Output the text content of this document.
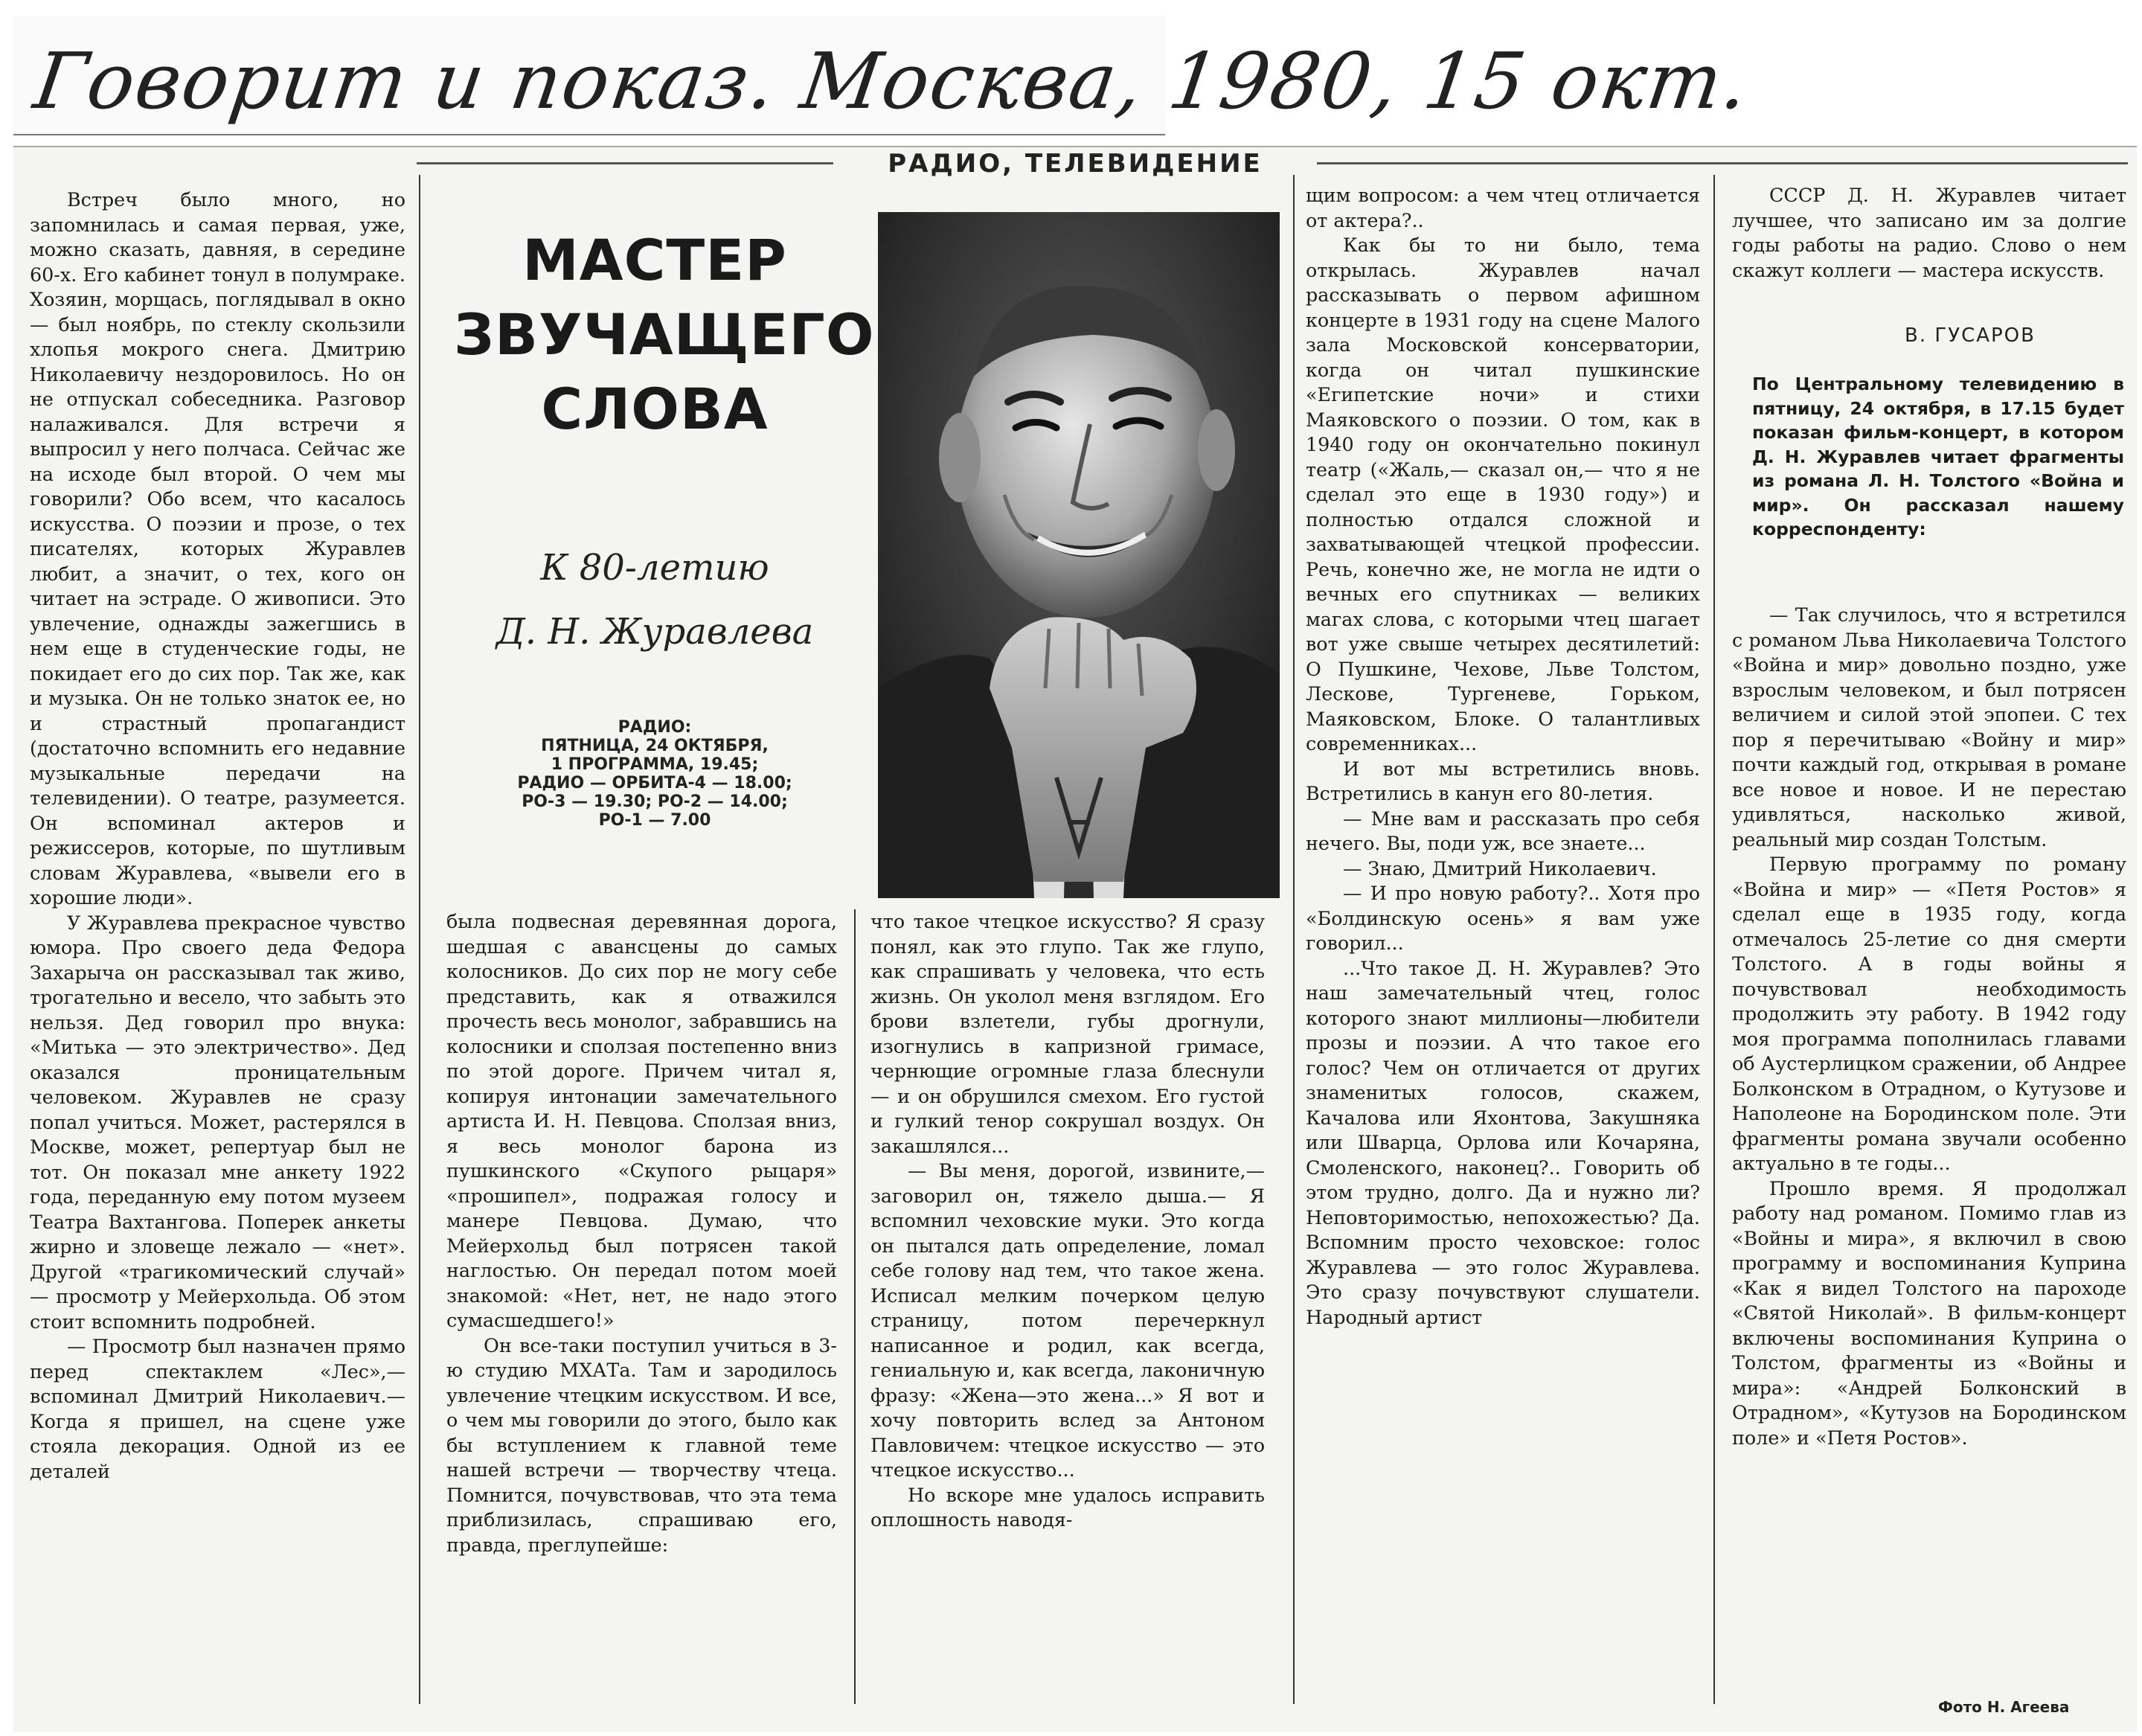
Говорит и показ. Москва, 1980, 15 окт.
РАДИО, ТЕЛЕВИДЕНИЕ
МАСТЕР
ЗВУЧАЩЕГО
СЛОВА
К 80-летию
Д. Н. Журавлева
РАДИО:
ПЯТНИЦА, 24 ОКТЯБРЯ,
1 ПРОГРАММА, 19.45;
РАДИО — ОРБИТА-4 — 18.00;
РО-3 — 19.30; РО-2 — 14.00;
РО-1 — 7.00

Встреч было много, но запомнилась и самая первая, уже, можно сказать, давняя, в середине 60-х. Его кабинет тонул в полумраке. Хозяин, морщась, поглядывал в окно — был ноябрь, по стеклу скользили хлопья мокрого снега. Дмитрию Николаевичу нездоровилось. Но он не отпускал собеседника. Разговор налаживался. Для встречи я выпросил у него полчаса. Сейчас же на исходе был второй. О чем мы говорили? Обо всем, что касалось искусства. О поэзии и прозе, о тех писателях, которых Журавлев любит, а значит, о тех, кого он читает на эстраде. О живописи. Это увлечение, однажды зажегшись в нем еще в студенческие годы, не покидает его до сих пор. Так же, как и музыка. Он не только знаток ее, но и страстный пропагандист (достаточно вспомнить его недавние музыкальные передачи на телевидении). О театре, разумеется. Он вспоминал актеров и режиссеров, которые, по шутливым словам Журавлева, «вывели его в хорошие люди».

У Журавлева прекрасное чувство юмора. Про своего деда Федора Захарыча он рассказывал так живо, трогательно и весело, что забыть это нельзя. Дед говорил про внука: «Митька — это электричество». Дед оказался проницательным человеком. Журавлев не сразу попал учиться. Может, растерялся в Москве, может, репертуар был не тот. Он показал мне анкету 1922 года, переданную ему потом музеем Театра Вахтангова. Поперек анкеты жирно и зловеще лежало — «нет». Другой «трагикомический случай» — просмотр у Мейерхольда. Об этом стоит вспомнить подробней.

— Просмотр был назначен прямо перед спектаклем «Лес»,— вспоминал Дмитрий Николаевич.— Когда я пришел, на сцене уже стояла декорация. Одной из ее деталей

была подвесная деревянная дорога, шедшая с авансцены до самых колосников. До сих пор не могу себе представить, как я отважился прочесть весь монолог, забравшись на колосники и сползая постепенно вниз по этой дороге. Причем читал я, копируя интонации замечательного артиста И. Н. Певцова. Сползая вниз, я весь монолог барона из пушкинского «Скупого рыцаря» «прошипел», подражая голосу и манере Певцова. Думаю, что Мейерхольд был потрясен такой наглостью. Он передал потом моей знакомой: «Нет, нет, не надо этого сумасшедшего!»

Он все-таки поступил учиться в 3-ю студию МХАТа. Там и зародилось увлечение чтецким искусством. И все, о чем мы говорили до этого, было как бы вступлением к главной теме нашей встречи — творчеству чтеца. Помнится, почувствовав, что эта тема приблизилась, спрашиваю его, правда, преглупейше:

что такое чтецкое искусство? Я сразу понял, как это глупо. Так же глупо, как спрашивать у человека, что есть жизнь. Он уколол меня взглядом. Его брови взлетели, губы дрогнули, изогнулись в капризной гримасе, чернющие огромные глаза блеснули — и он обрушился смехом. Его густой и гулкий тенор сокрушал воздух. Он закашлялся...

— Вы меня, дорогой, извините,— заговорил он, тяжело дыша.— Я вспомнил чеховские муки. Это когда он пытался дать определение, ломал себе голову над тем, что такое жена. Исписал мелким почерком целую страницу, потом перечеркнул написанное и родил, как всегда, гениальную и, как всегда, лаконичную фразу: «Жена—это жена...» Я вот и хочу повторить вслед за Антоном Павловичем: чтецкое искусство — это чтецкое искусство...

Но вскоре мне удалось исправить оплошность наводя-

щим вопросом: а чем чтец отличается от актера?..

Как бы то ни было, тема открылась. Журавлев начал рассказывать о первом афишном концерте в 1931 году на сцене Малого зала Московской консерватории, когда он читал пушкинские «Египетские ночи» и стихи Маяковского о поэзии. О том, как в 1940 году он окончательно покинул театр («Жаль,— сказал он,— что я не сделал это еще в 1930 году») и полностью отдался сложной и захватывающей чтецкой профессии. Речь, конечно же, не могла не идти о вечных его спутниках — великих магах слова, с которыми чтец шагает вот уже свыше четырех десятилетий: О Пушкине, Чехове, Льве Толстом, Лескове, Тургеневе, Горьком, Маяковском, Блоке. О талантливых современниках...

И вот мы встретились вновь. Встретились в канун его 80-летия.

— Мне вам и рассказать про себя нечего. Вы, поди уж, все знаете...

— Знаю, Дмитрий Николаевич.

— И про новую работу?.. Хотя про «Болдинскую осень» я вам уже говорил...

...Что такое Д. Н. Журавлев? Это наш замечательный чтец, голос которого знают миллионы—любители прозы и поэзии. А что такое его голос? Чем он отличается от других знаменитых голосов, скажем, Качалова или Яхонтова, Закушняка или Шварца, Орлова или Кочаряна, Смоленского, наконец?.. Говорить об этом трудно, долго. Да и нужно ли? Неповторимостью, непохожестью? Да. Вспомним просто чеховское: голос Журавлева — это голос Журавлева. Это сразу почувствуют слушатели. Народный артист

СССР Д. Н. Журавлев читает лучшее, что записано им за долгие годы работы на радио. Слово о нем скажут коллеги — мастера искусств.

В. ГУСАРОВ
По Центральному телевидению в пятницу, 24 октября, в 17.15 будет показан фильм-концерт, в котором Д. Н. Журавлев читает фрагменты из романа Л. Н. Толстого «Война и мир». Он рассказал нашему корреспонденту:

— Так случилось, что я встретился с романом Льва Николаевича Толстого «Война и мир» довольно поздно, уже взрослым человеком, и был потрясен величием и силой этой эпопеи. С тех пор я перечитываю «Войну и мир» почти каждый год, открывая в романе все новое и новое. И не перестаю удивляться, насколько живой, реальный мир создан Толстым.

Первую программу по роману «Война и мир» — «Петя Ростов» я сделал еще в 1935 году, когда отмечалось 25-летие со дня смерти Толстого. А в годы войны я почувствовал необходимость продолжить эту работу. В 1942 году моя программа пополнилась главами об Аустерлицком сражении, об Андрее Болконском в Отрадном, о Кутузове и Наполеоне на Бородинском поле. Эти фрагменты романа звучали особенно актуально в те годы...

Прошло время. Я продолжал работу над романом. Помимо глав из «Войны и мира», я включил в свою программу и воспоминания Куприна «Как я видел Толстого на пароходе «Святой Николай». В фильм-концерт включены воспоминания Куприна о Толстом, фрагменты из «Войны и мира»: «Андрей Болконский в Отрадном», «Кутузов на Бородинском поле» и «Петя Ростов».

Фото Н. Агеева
